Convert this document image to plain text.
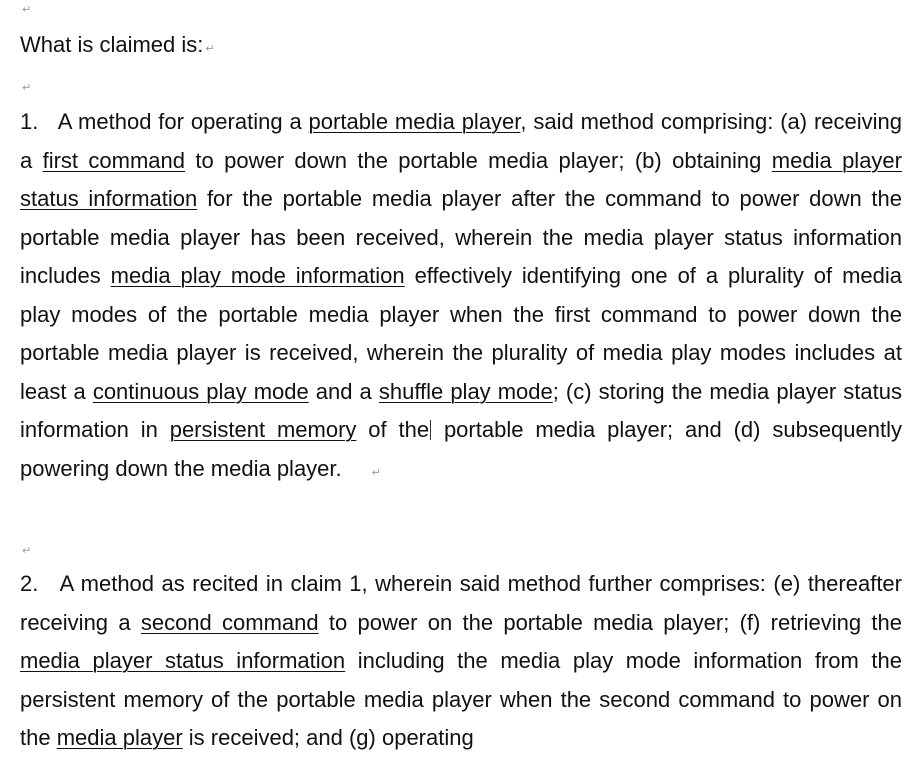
↵
What is claimed is: ↵
↵

1.   A method for operating a portable media player, said method comprising: (a) receiving a first command to power down the portable media player; (b) obtaining media player status information for the portable media player after the command to power down the portable media player has been received, wherein the media player status information includes media play mode information effectively identifying one of a plurality of media play modes of the portable media player when the first command to power down the portable media player is received, wherein the plurality of media play modes includes at least a continuous play mode and a shuffle play mode; (c) storing the media player status information in persistent memory of the portable media player; and (d) subsequently powering down the media player.	↵

↵

2.   A method as recited in claim 1, wherein said method further comprises: (e) thereafter receiving a second command to power on the portable media player; (f) retrieving the media player status information including the media play mode information from the persistent memory of the portable media player when the second command to power on the media player is received; and (g) operating
